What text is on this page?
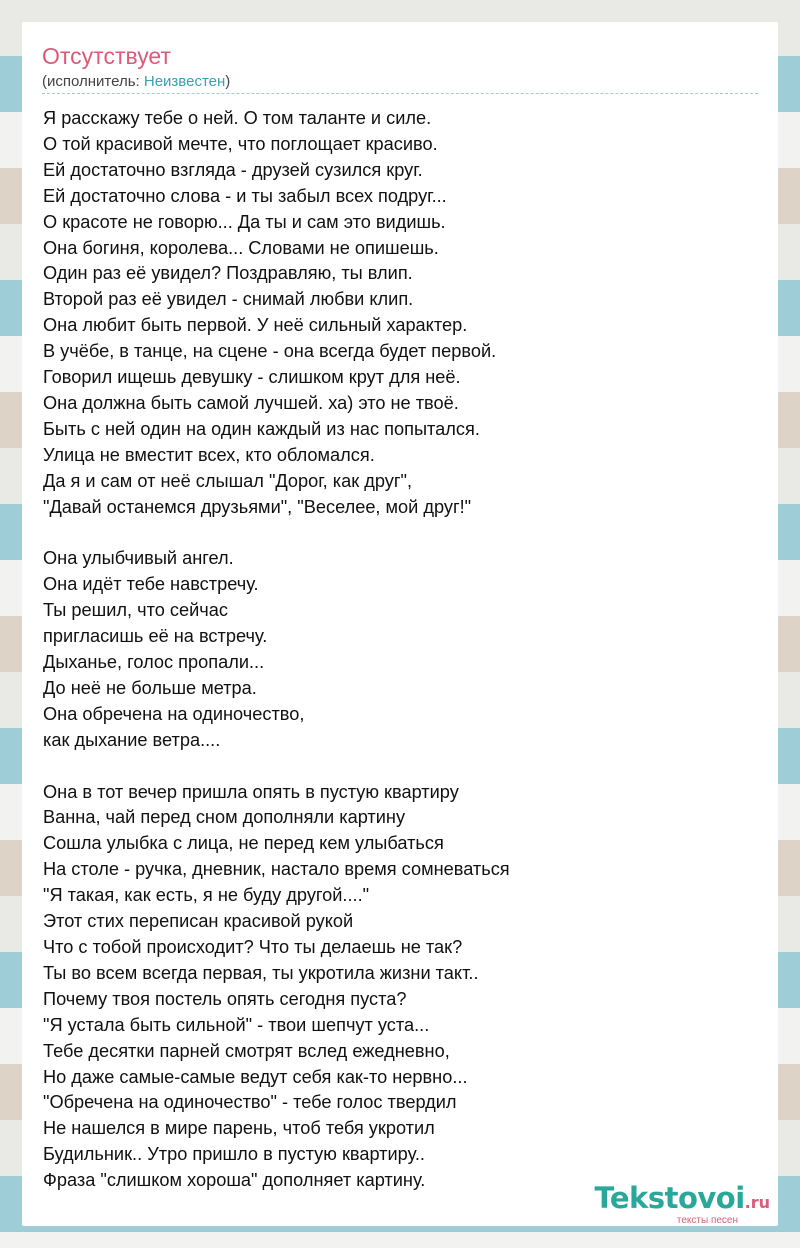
Отсутствует
(исполнитель: Неизвестен)
Я расскажу тебе о ней. О том таланте и силе.
О той красивой мечте, что поглощает красиво.
Ей достаточно взгляда - друзей сузился круг.
Ей достаточно слова - и ты забыл всех подруг...
О красоте не говорю... Да ты и сам это видишь.
Она богиня, королева... Словами не опишешь.
Один раз её увидел? Поздравляю, ты влип.
Второй раз её увидел - снимай любви клип.
Она любит быть первой. У неё сильный характер.
В учёбе, в танце, на сцене - она всегда будет первой.
Говорил ищешь девушку - слишком крут для неё.
Она должна быть самой лучшей. ха) это не твоё.
Быть с ней один на один каждый из нас попытался.
Улица не вместит всех, кто обломался.
Да я и сам от неё слышал "Дорог, как друг",
"Давай останемся друзьями", "Веселее, мой друг!"
Она улыбчивый ангел.
Она идёт тебе навстречу.
Ты решил, что сейчас
пригласишь её на встречу.
Дыханье, голос пропали...
До неё не больше метра.
Она обречена на одиночество,
как дыхание ветра....
Она в тот вечер пришла опять в пустую квартиру
Ванна, чай перед сном дополняли картину
Сошла улыбка с лица, не перед кем улыбаться
На столе - ручка, дневник, настало время сомневаться
"Я такая, как есть, я не буду другой...."
Этот стих переписан красивой рукой
Что с тобой происходит? Что ты делаешь не так?
Ты во всем всегда первая, ты укротила жизни такт..
Почему твоя постель опять сегодня пуста?
"Я устала быть сильной" - твои шепчут уста...
Тебе десятки парней смотрят вслед ежедневно,
Но даже самые-самые ведут себя как-то нервно...
"Обречена на одиночество" - тебе голос твердил
Не нашелся в мире парень, чтоб тебя укротил
Будильник.. Утро пришло в пустую квартиру..
Фраза "слишком хороша" дополняет картину.
Tekstovoi.ru
тексты песен
